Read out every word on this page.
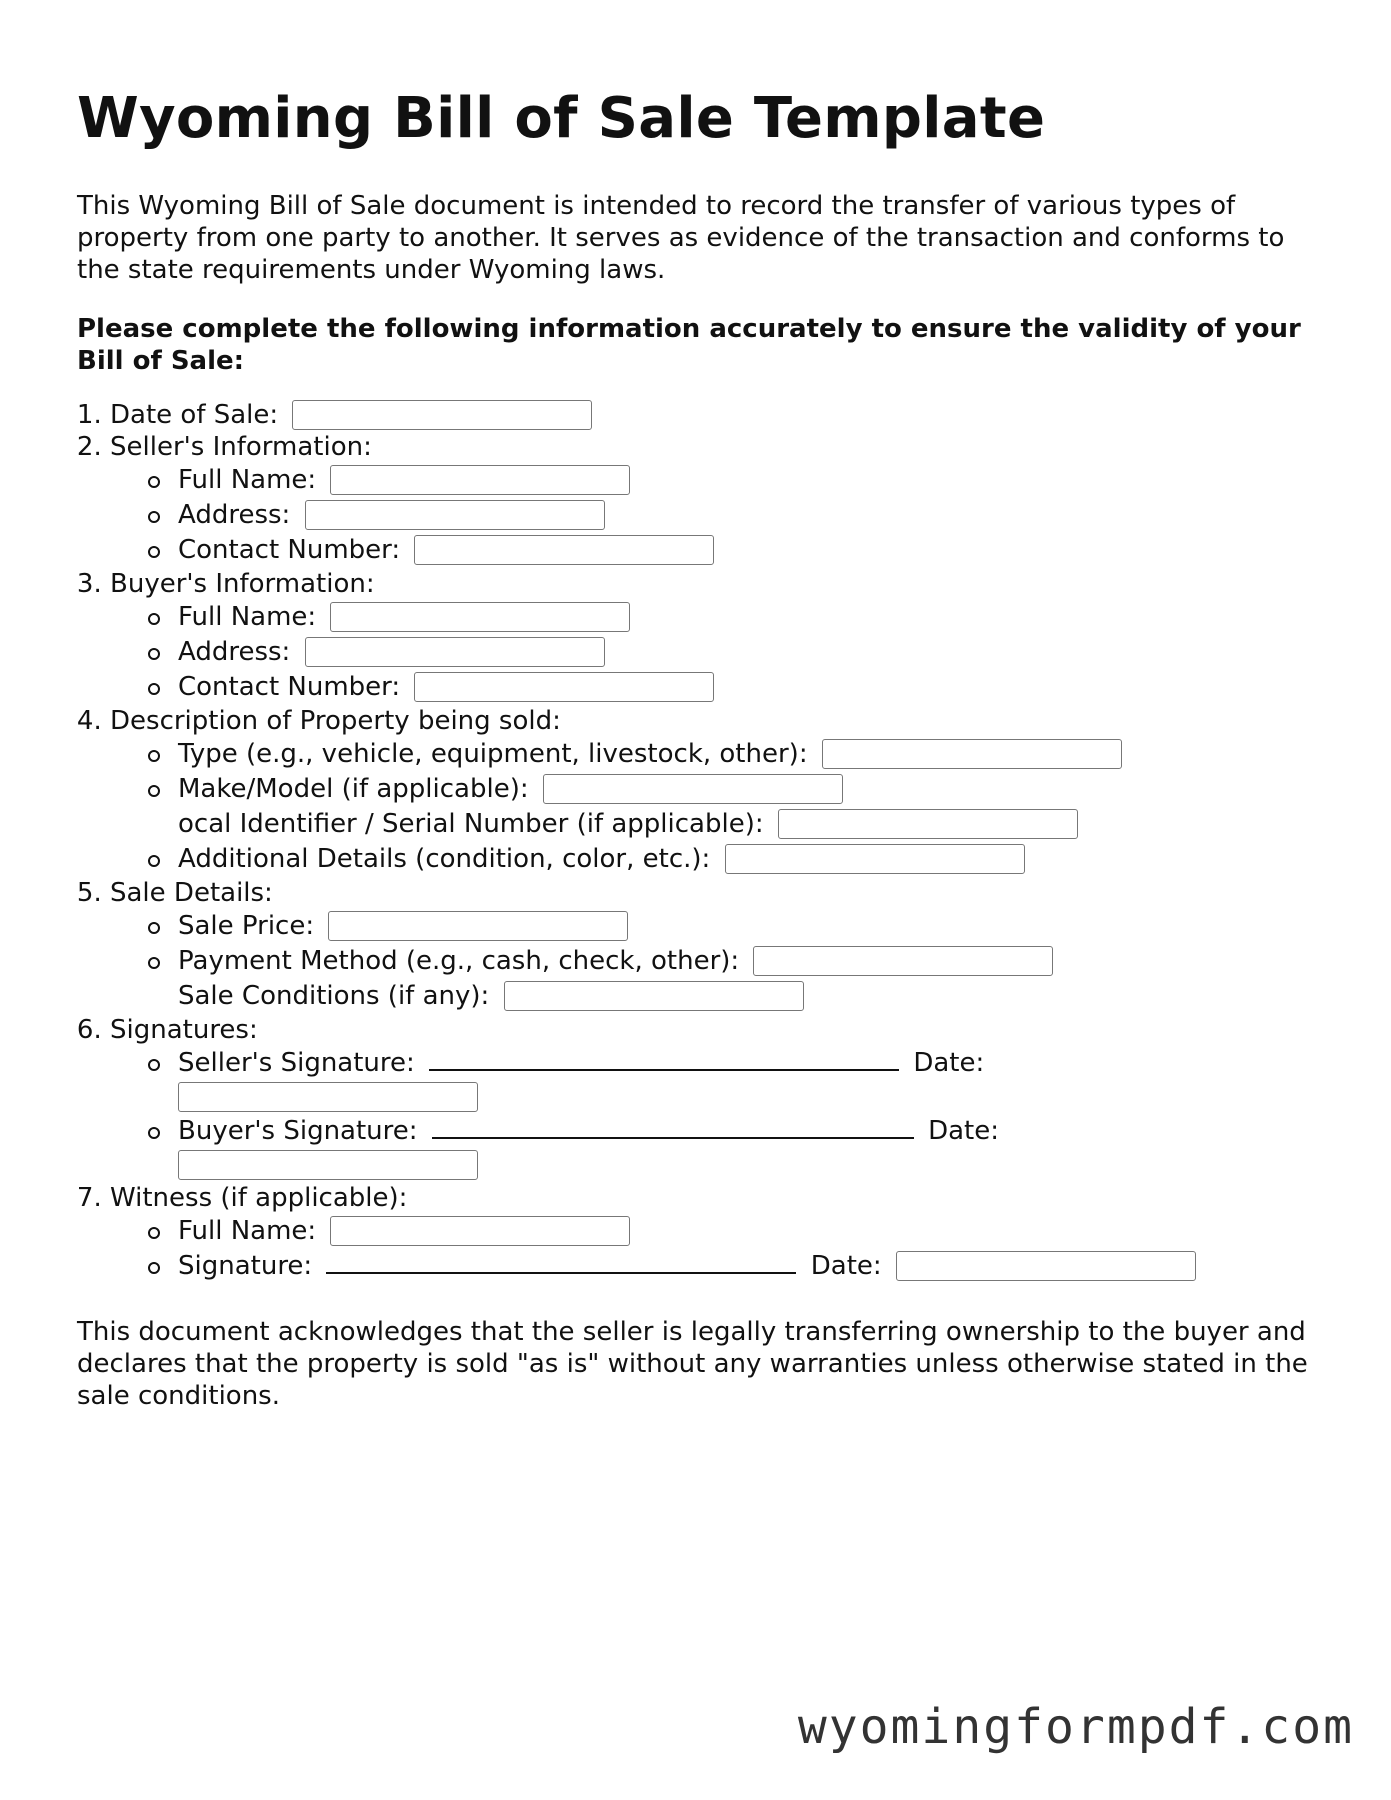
Wyoming Bill of Sale Template

This Wyoming Bill of Sale document is intended to record the transfer of various types of property from one party to another. It serves as evidence of the transaction and conforms to the state requirements under Wyoming laws.

Please complete the following information accurately to ensure the validity of your Bill of Sale:

1. Date of Sale:
2. Seller's Information:
Full Name:
Address:
Contact Number:
3. Buyer's Information:
Full Name:
Address:
Contact Number:
4. Description of Property being sold:
Type (e.g., vehicle, equipment, livestock, other):
Make/Model (if applicable):
ocal Identifier / Serial Number (if applicable):
Additional Details (condition, color, etc.):
5. Sale Details:
Sale Price:
Payment Method (e.g., cash, check, other):
Sale Conditions (if any):
6. Signatures:
Seller's Signature:	Date:
Buyer's Signature:	Date:
7. Witness (if applicable):
Full Name:
Signature:	Date:

This document acknowledges that the seller is legally transferring ownership to the buyer and declares that the property is sold "as is" without any warranties unless otherwise stated in the sale conditions.

wyomingformpdf.com
